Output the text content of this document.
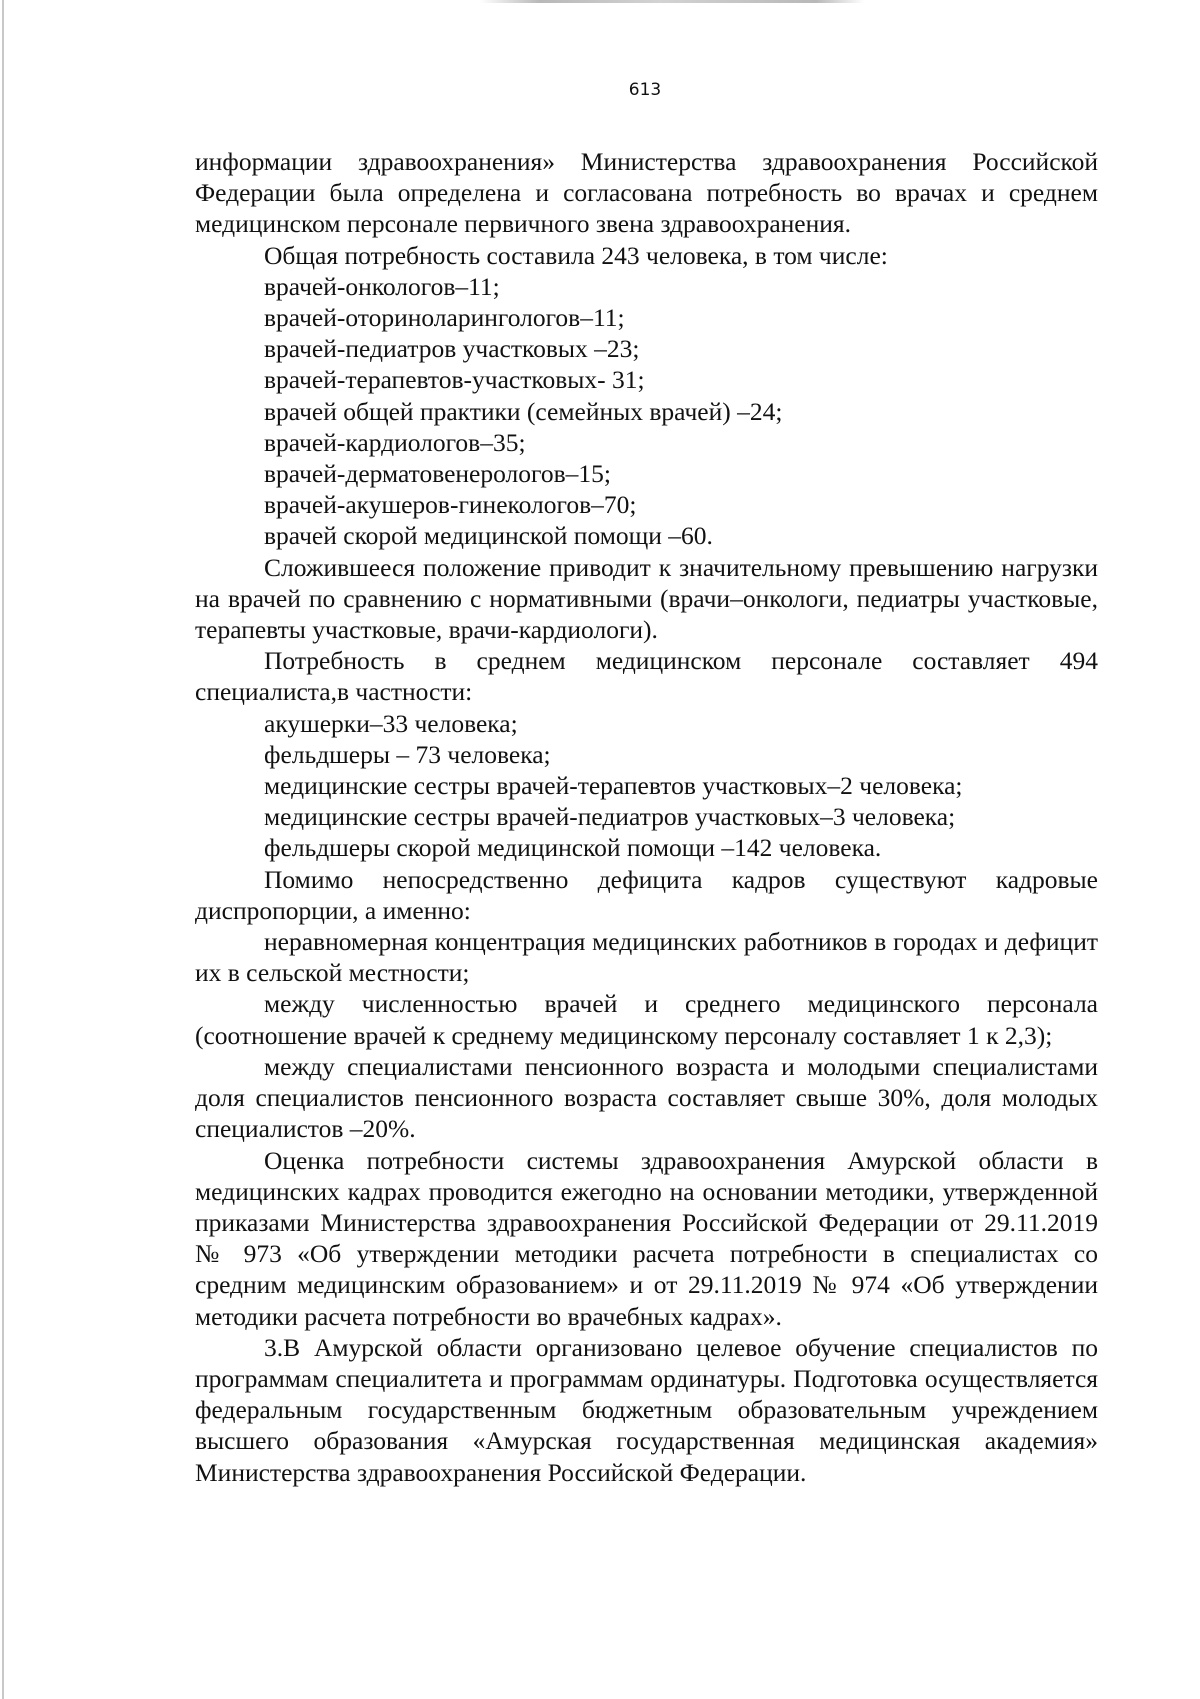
613

информации здравоохранения» Министерства здравоохранения Российской Федерации была определена и согласована потребность во врачах и среднем медицинском персонале первичного звена здравоохранения.

Общая потребность составила 243 человека, в том числе:

врачей-онкологов–11;

врачей-оториноларингологов–11;

врачей-педиатров участковых –23;

врачей-терапевтов-участковых- 31;

врачей общей практики (семейных врачей) –24;

врачей-кардиологов–35;

врачей-дерматовенерологов–15;

врачей-акушеров-гинекологов–70;

врачей скорой медицинской помощи –60.

Сложившееся положение приводит к значительному превышению нагрузки на врачей по сравнению с нормативными (врачи–онкологи, педиатры участковые, терапевты участковые, врачи-кардиологи).

Потребность в среднем медицинском персонале составляет 494 специалиста,в частности:

акушерки–33 человека;

фельдшеры – 73 человека;

медицинские сестры врачей-терапевтов участковых–2 человека;

медицинские сестры врачей-педиатров участковых–3 человека;

фельдшеры скорой медицинской помощи –142 человека.

Помимо непосредственно дефицита кадров существуют кадровые диспропорции, а именно:

неравномерная концентрация медицинских работников в городах и дефицит их в сельской местности;

между численностью врачей и среднего медицинского персонала (соотношение врачей к среднему медицинскому персоналу составляет 1 к 2,3);

между специалистами пенсионного возраста и молодыми специалистами доля специалистов пенсионного возраста составляет свыше 30%, доля молодых специалистов –20%.

Оценка потребности системы здравоохранения Амурской области в медицинских кадрах проводится ежегодно на основании методики, утвержденной приказами Министерства здравоохранения Российской Федерации от 29.11.2019 № 973 «Об утверждении методики расчета потребности в специалистах со средним медицинским образованием» и от 29.11.2019 № 974 «Об утверждении методики расчета потребности во врачебных кадрах».

3.В Амурской области организовано целевое обучение специалистов по программам специалитета и программам ординатуры. Подготовка осуществляется федеральным государственным бюджетным образовательным учреждением высшего образования «Амурская государственная медицинская академия» Министерства здравоохранения Российской Федерации.
